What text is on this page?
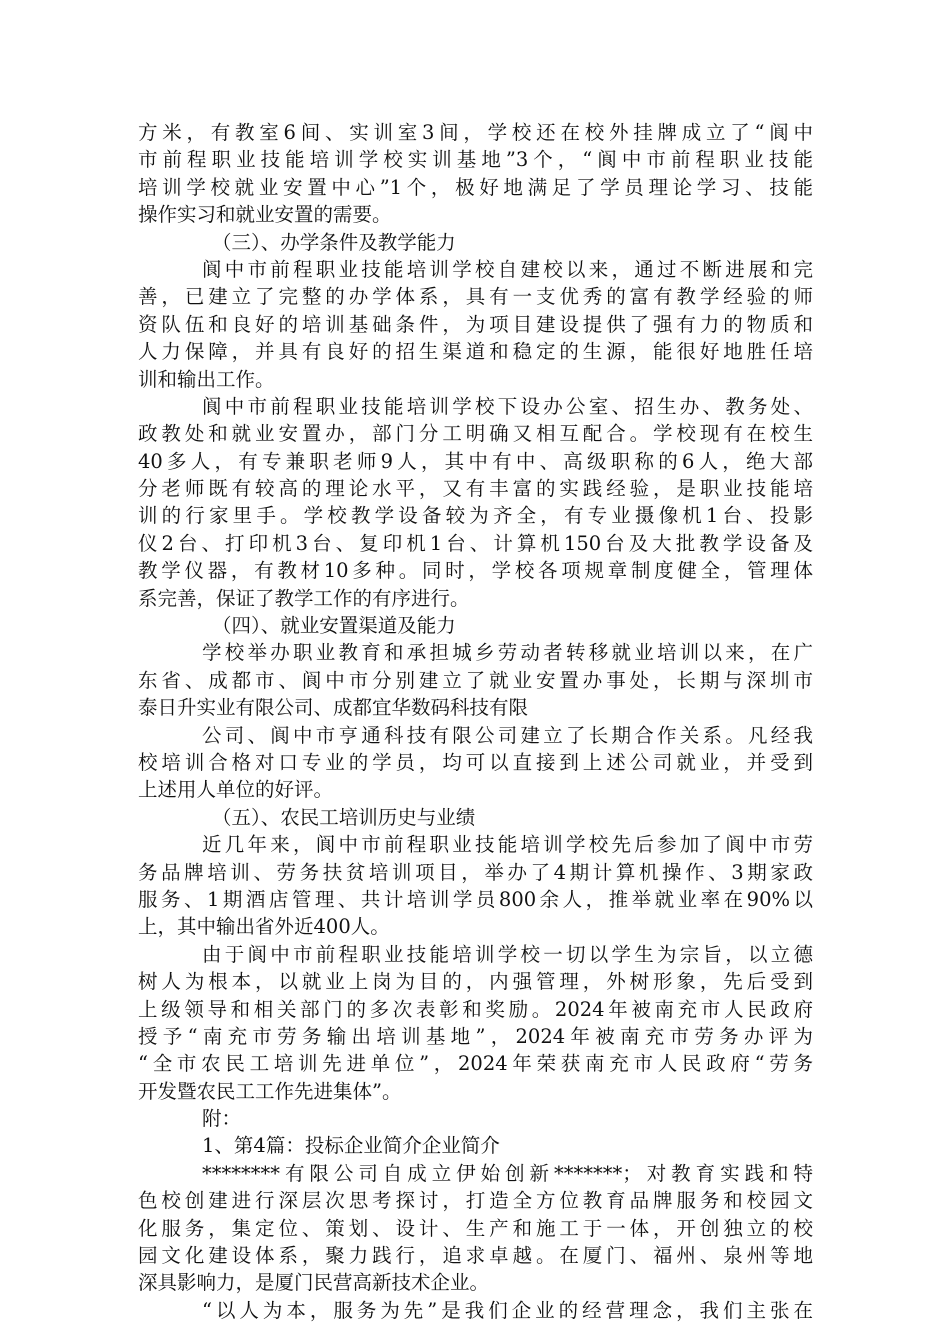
方米，有教室6间、实训室3间，学校还在校外挂牌成立了“阆中
市前程职业技能培训学校实训基地”3个，“阆中市前程职业技能
培训学校就业安置中心”1个，极好地满足了学员理论学习、技能
操作实习和就业安置的需要。
（三）、办学条件及教学能力
阆中市前程职业技能培训学校自建校以来，通过不断进展和完
善，已建立了完整的办学体系，具有一支优秀的富有教学经验的师
资队伍和良好的培训基础条件，为项目建设提供了强有力的物质和
人力保障，并具有良好的招生渠道和稳定的生源，能很好地胜任培
训和输出工作。
阆中市前程职业技能培训学校下设办公室、招生办、教务处、
政教处和就业安置办，部门分工明确又相互配合。学校现有在校生
40多人，有专兼职老师9人，其中有中、高级职称的6人，绝大部
分老师既有较高的理论水平，又有丰富的实践经验，是职业技能培
训的行家里手。学校教学设备较为齐全，有专业摄像机1台、投影
仪2台、打印机3台、复印机1台、计算机150台及大批教学设备及
教学仪器，有教材10多种。同时，学校各项规章制度健全，管理体
系完善，保证了教学工作的有序进行。
（四）、就业安置渠道及能力
学校举办职业教育和承担城乡劳动者转移就业培训以来，在广
东省、成都市、阆中市分别建立了就业安置办事处，长期与深圳市
泰日升实业有限公司、成都宜华数码科技有限
公司、阆中市亨通科技有限公司建立了长期合作关系。凡经我
校培训合格对口专业的学员，均可以直接到上述公司就业，并受到
上述用人单位的好评。
（五）、农民工培训历史与业绩
近几年来，阆中市前程职业技能培训学校先后参加了阆中市劳
务品牌培训、劳务扶贫培训项目，举办了4期计算机操作、3期家政
服务、1期酒店管理、共计培训学员800余人，推举就业率在90%以
上，其中输出省外近400人。
由于阆中市前程职业技能培训学校一切以学生为宗旨，以立德
树人为根本，以就业上岗为目的，内强管理，外树形象，先后受到
上级领导和相关部门的多次表彰和奖励。2024年被南充市人民政府
授予“南充市劳务输出培训基地”，2024年被南充市劳务办评为
“全市农民工培训先进单位”，2024年荣获南充市人民政府“劳务
开发暨农民工工作先进集体”。
附：
1、第4篇：投标企业简介企业简介
********有限公司自成立伊始创新*******；对教育实践和特
色校创建进行深层次思考探讨，打造全方位教育品牌服务和校园文
化服务，集定位、策划、设计、生产和施工于一体，开创独立的校
园文化建设体系，聚力践行，追求卓越。在厦门、福州、泉州等地
深具影响力，是厦门民营高新技术企业。
“以人为本，服务为先”是我们企业的经营理念，我们主张在
